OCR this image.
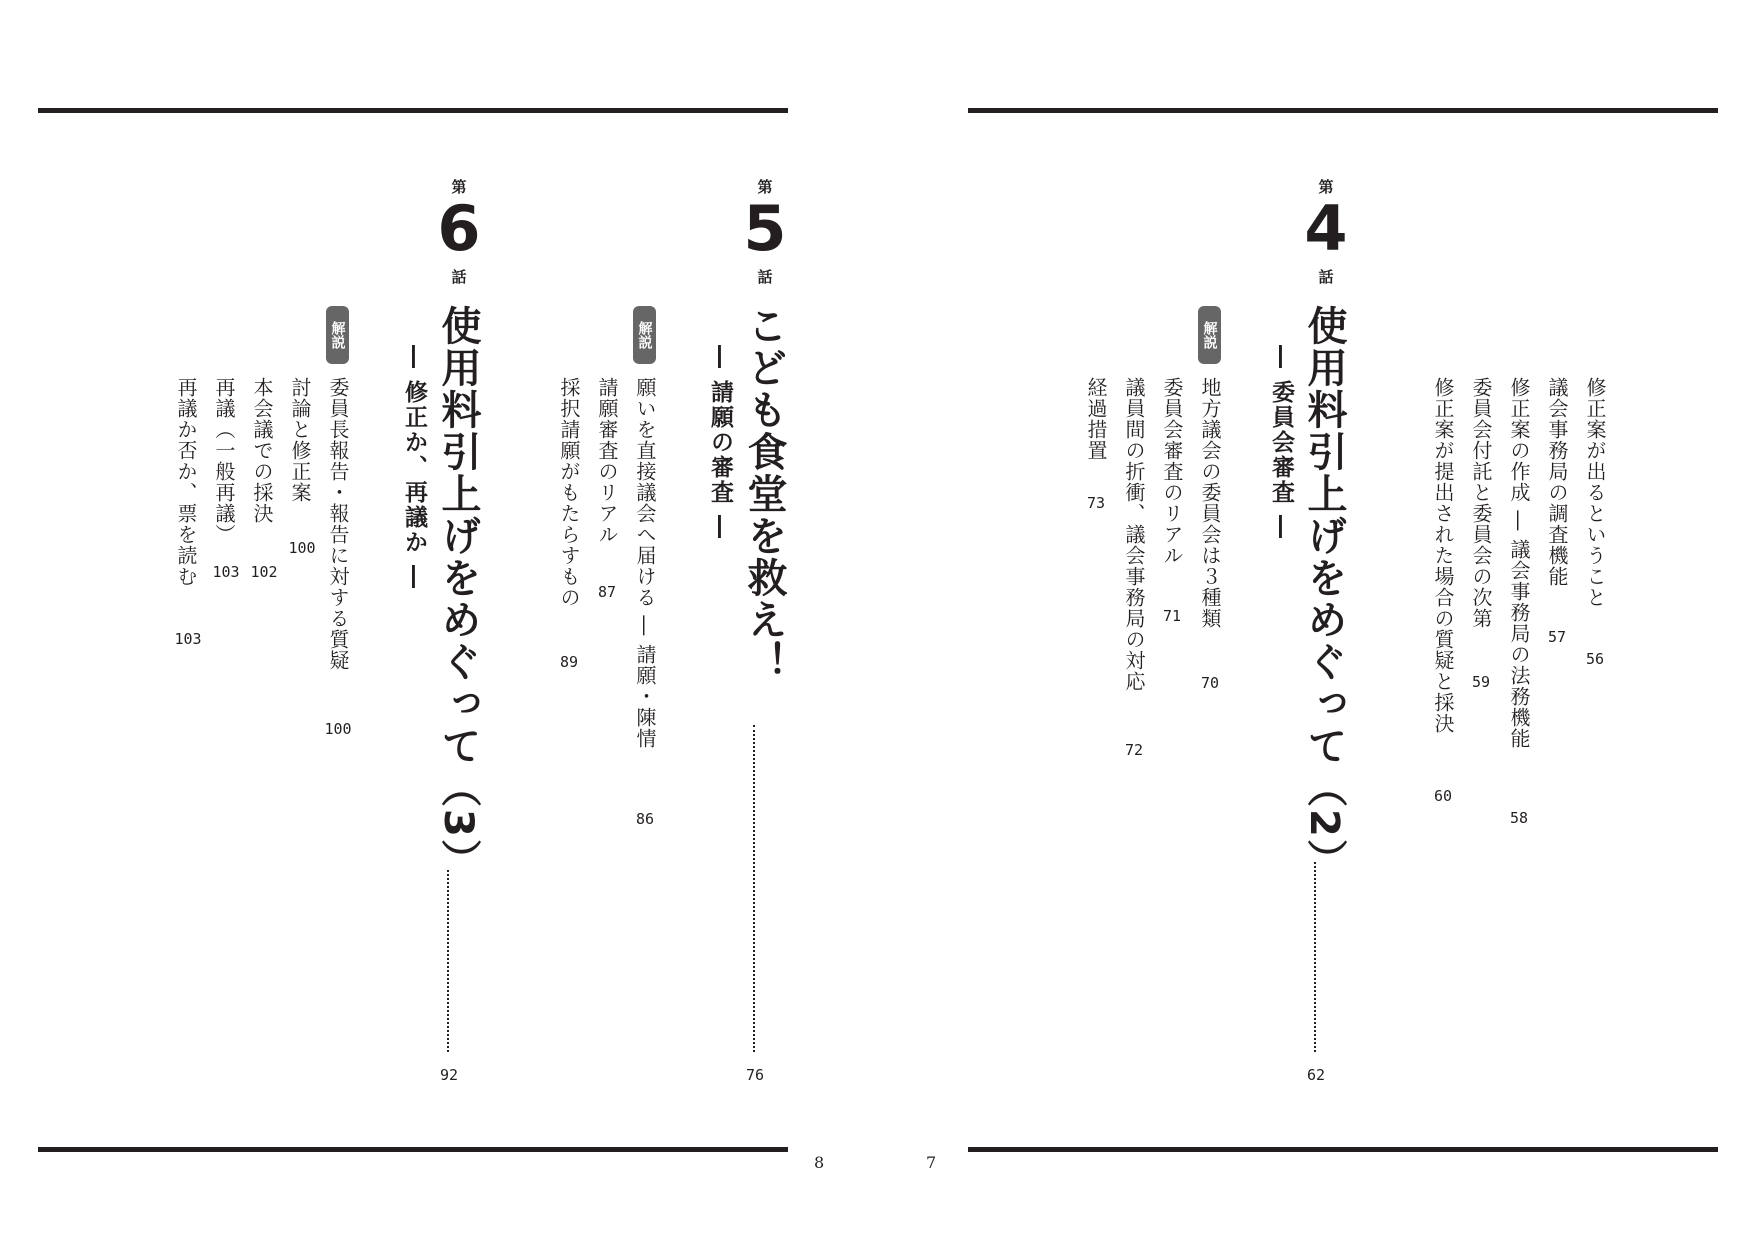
8	7
第
4
話
使用料引上げをめぐって（2）
― 委員会審査 ―
62
修正案が出るということ
56
議会事務局の調査機能
57
修正案の作成 ― 議会事務局の法務機能
58
委員会付託と委員会の次第
59
修正案が提出された場合の質疑と採決
60
解説
地方議会の委員会は３種類
70
委員会審査のリアル
71
議員間の折衝、議会事務局の対応
72
経過措置
73
第
5
話
こども食堂を救え！
― 請願の審査 ―
76
解説
願いを直接議会へ届ける ― 請願・陳情
86
請願審査のリアル
87
採択請願がもたらすもの
89
第
6
話
使用料引上げをめぐって（3）
― 修正か、再議か ―
92
解説
委員長報告・報告に対する質疑
100
討論と修正案
100
本会議での採決
102
再議（一般再議）
103
再議か否か、票を読む
103
